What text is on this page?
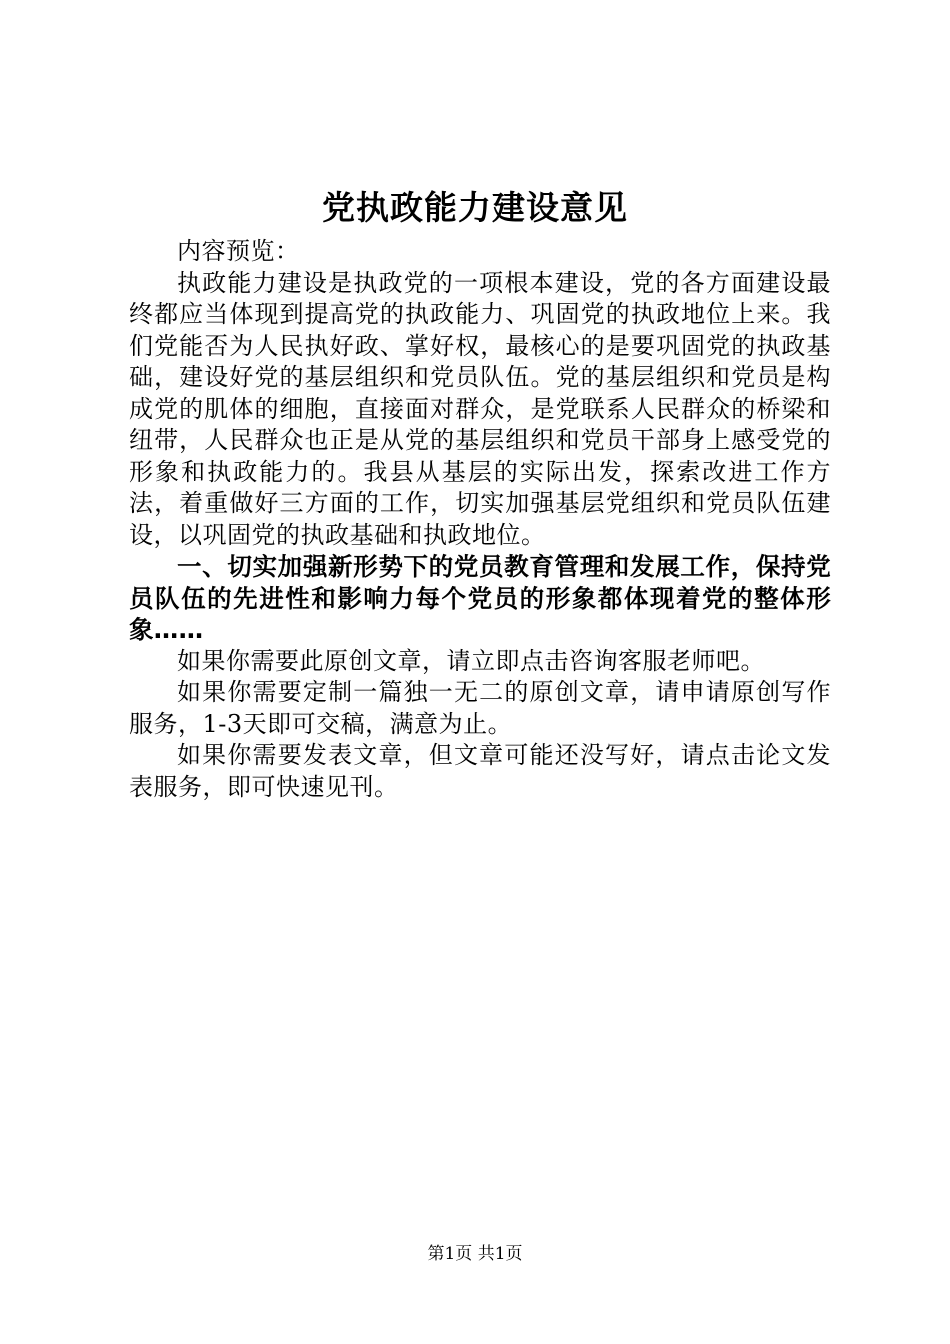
党执政能力建设意见

内容预览：

执政能力建设是执政党的一项根本建设，党的各方面建设最终都应当体现到提高党的执政能力、巩固党的执政地位上来。我们党能否为人民执好政、掌好权，最核心的是要巩固党的执政基础，建设好党的基层组织和党员队伍。党的基层组织和党员是构成党的肌体的细胞，直接面对群众，是党联系人民群众的桥梁和纽带，人民群众也正是从党的基层组织和党员干部身上感受党的形象和执政能力的。我县从基层的实际出发，探索改进工作方法，着重做好三方面的工作，切实加强基层党组织和党员队伍建设，以巩固党的执政基础和执政地位。

一、切实加强新形势下的党员教育管理和发展工作，保持党员队伍的先进性和影响力每个党员的形象都体现着党的整体形象……

如果你需要此原创文章，请立即点击咨询客服老师吧。

如果你需要定制一篇独一无二的原创文章，请申请原创写作服务，1-3天即可交稿，满意为止。

如果你需要发表文章，但文章可能还没写好，请点击论文发表服务，即可快速见刊。

第1页 共1页
